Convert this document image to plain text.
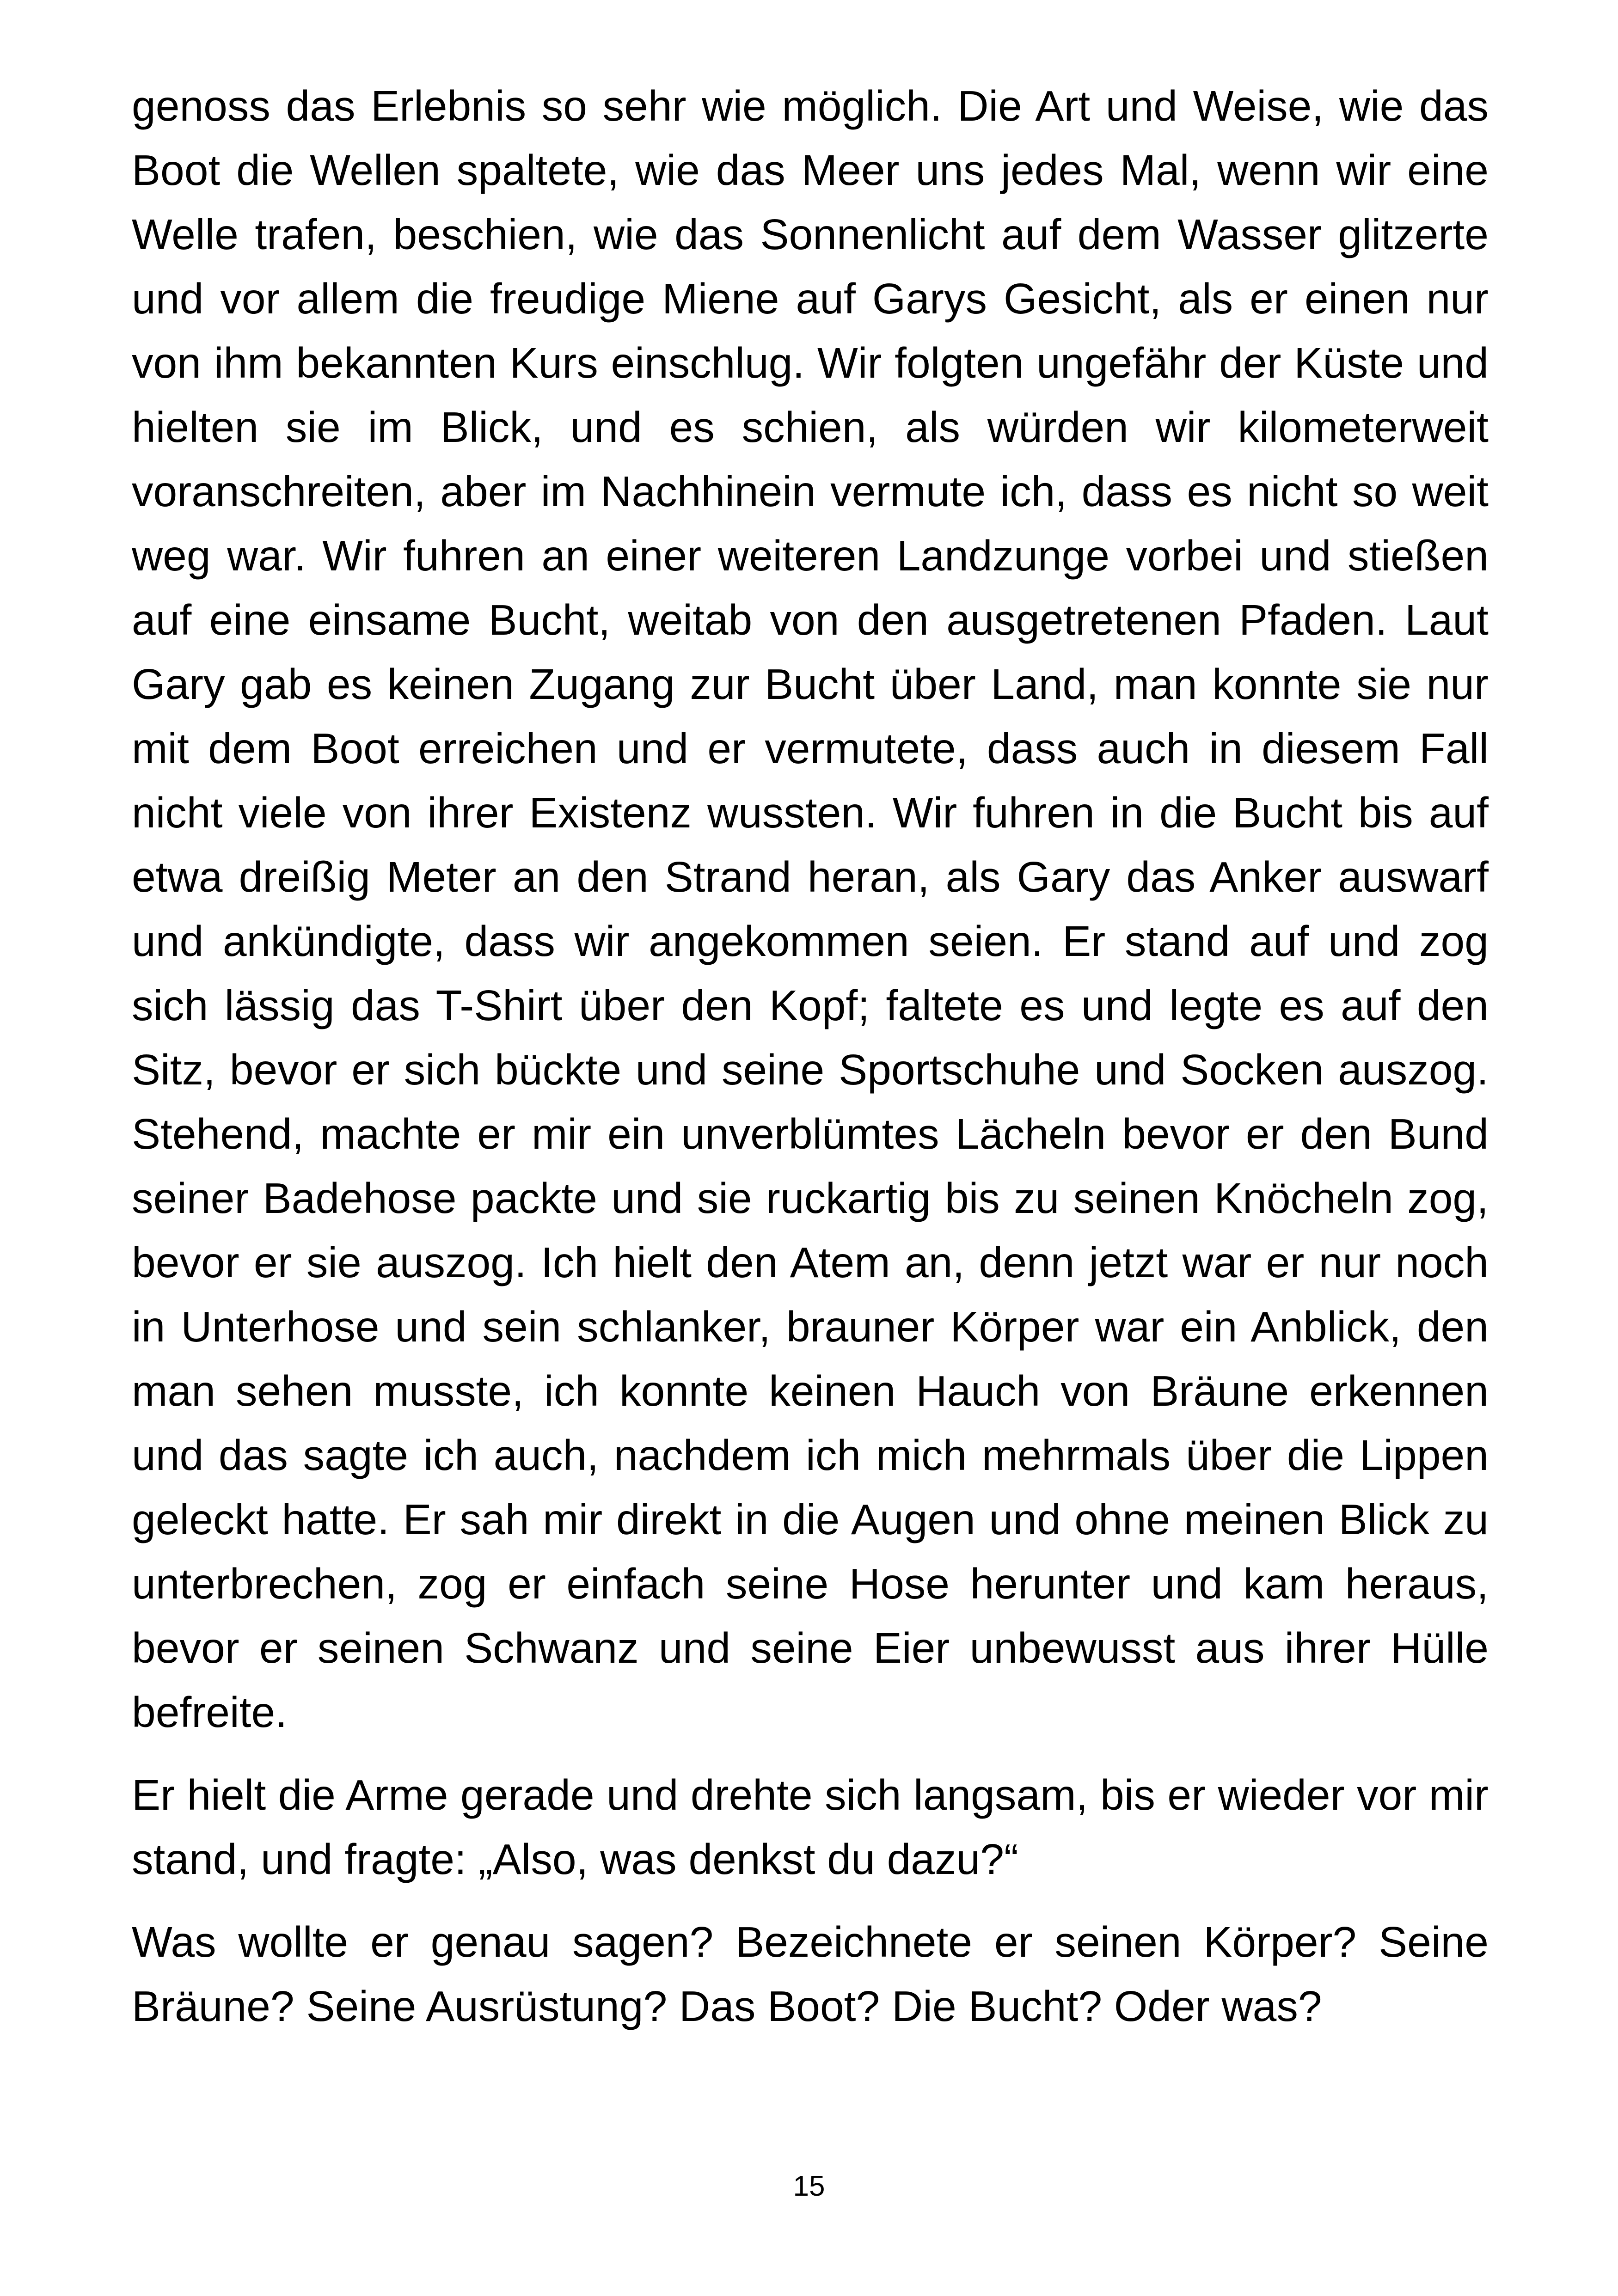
genoss das Erlebnis so sehr wie möglich. Die Art und Weise, wie das Boot die Wellen spaltete, wie das Meer uns jedes Mal, wenn wir eine Welle trafen, beschien, wie das Sonnenlicht auf dem Wasser glitzerte und vor allem die freudige Miene auf Garys Gesicht, als er einen nur von ihm bekannten Kurs einschlug. Wir folgten ungefähr der Küste und hielten sie im Blick, und es schien, als würden wir kilometerweit voranschreiten, aber im Nachhinein vermute ich, dass es nicht so weit weg war. Wir fuhren an einer weiteren Landzunge vorbei und stießen auf eine einsame Bucht, weitab von den ausgetretenen Pfaden. Laut Gary gab es keinen Zugang zur Bucht über Land, man konnte sie nur mit dem Boot erreichen und er vermutete, dass auch in diesem Fall nicht viele von ihrer Existenz wussten. Wir fuhren in die Bucht bis auf etwa dreißig Meter an den Strand heran, als Gary das Anker auswarf und ankündigte, dass wir angekommen seien. Er stand auf und zog sich lässig das T-Shirt über den Kopf; faltete es und legte es auf den Sitz, bevor er sich bückte und seine Sportschuhe und Socken auszog. Stehend, machte er mir ein unverblümtes Lächeln bevor er den Bund seiner Badehose packte und sie ruckartig bis zu seinen Knöcheln zog, bevor er sie auszog. Ich hielt den Atem an, denn jetzt war er nur noch in Unterhose und sein schlanker, brauner Körper war ein Anblick, den man sehen musste, ich konnte keinen Hauch von Bräune erkennen und das sagte ich auch, nachdem ich mich mehrmals über die Lippen geleckt hatte. Er sah mir direkt in die Augen und ohne meinen Blick zu unterbrechen, zog er einfach seine Hose herunter und kam heraus, bevor er seinen Schwanz und seine Eier unbewusst aus ihrer Hülle befreite.

Er hielt die Arme gerade und drehte sich langsam, bis er wieder vor mir stand, und fragte: „Also, was denkst du dazu?“

Was wollte er genau sagen? Bezeichnete er seinen Körper? Seine Bräune? Seine Ausrüstung? Das Boot? Die Bucht? Oder was?

15
